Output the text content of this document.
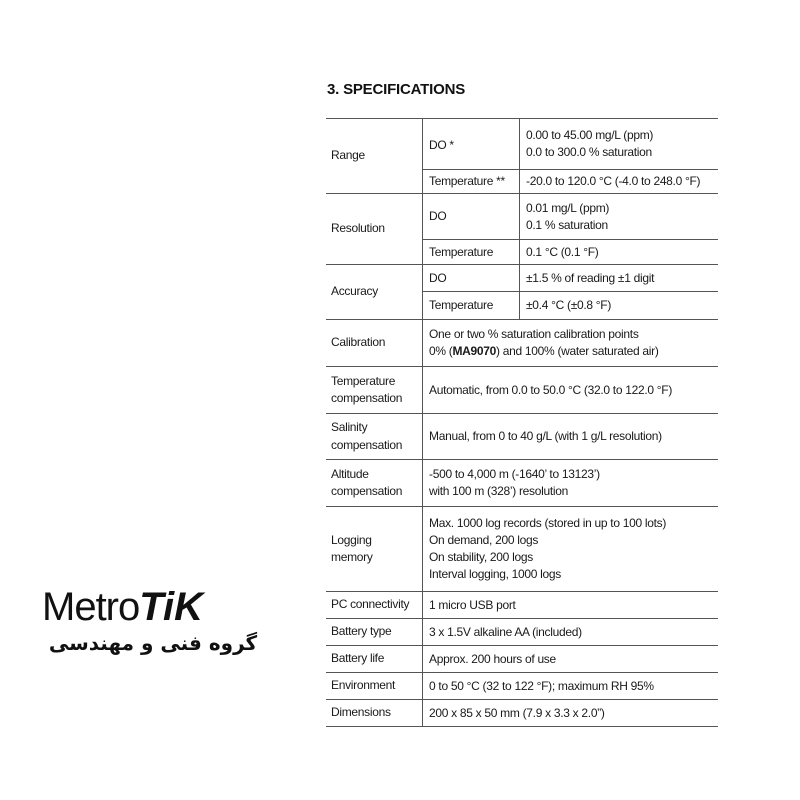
3. SPECIFICATIONS
Range	DO *	0.00 to 45.00 mg/L (ppm)
0.0 to 300.0 % saturation

	Temperature **	-20.0 to 120.0 °C (-4.0 to 248.0 °F)
Resolution	DO	0.01 mg/L (ppm)
0.1 % saturation

	Temperature	0.1 °C (0.1 °F)
Accuracy	DO	±1.5 % of reading ±1 digit
	Temperature	±0.4 °C (±0.8 °F)
Calibration	One or two % saturation calibration points
0% (MA9070) and 100% (water saturated air)	

Temperature
compensation	Automatic, from 0.0 to 50.0 °C (32.0 to 122.0 °F)	

Salinity
compensation	Manual, from 0 to 40 g/L (with 1 g/L resolution)	

Altitude
compensation	-500 to 4,000 m (-1640’ to 13123’)
with 100 m (328’) resolution	

Logging
memory	Max. 1000 log records (stored in up to 100 lots)
On demand, 200 logs
On stability, 200 logs
Interval logging, 1000 logs	

PC connectivity	1 micro USB port	
Battery type	3 x 1.5V alkaline AA (included)	
Battery life	Approx. 200 hours of use	
Environment	0 to 50 °C (32 to 122 °F); maximum RH 95%	
Dimensions	200 x 85 x 50 mm (7.9 x 3.3 x 2.0”)	
MetroTiK
گروه فنی و مهندسی
